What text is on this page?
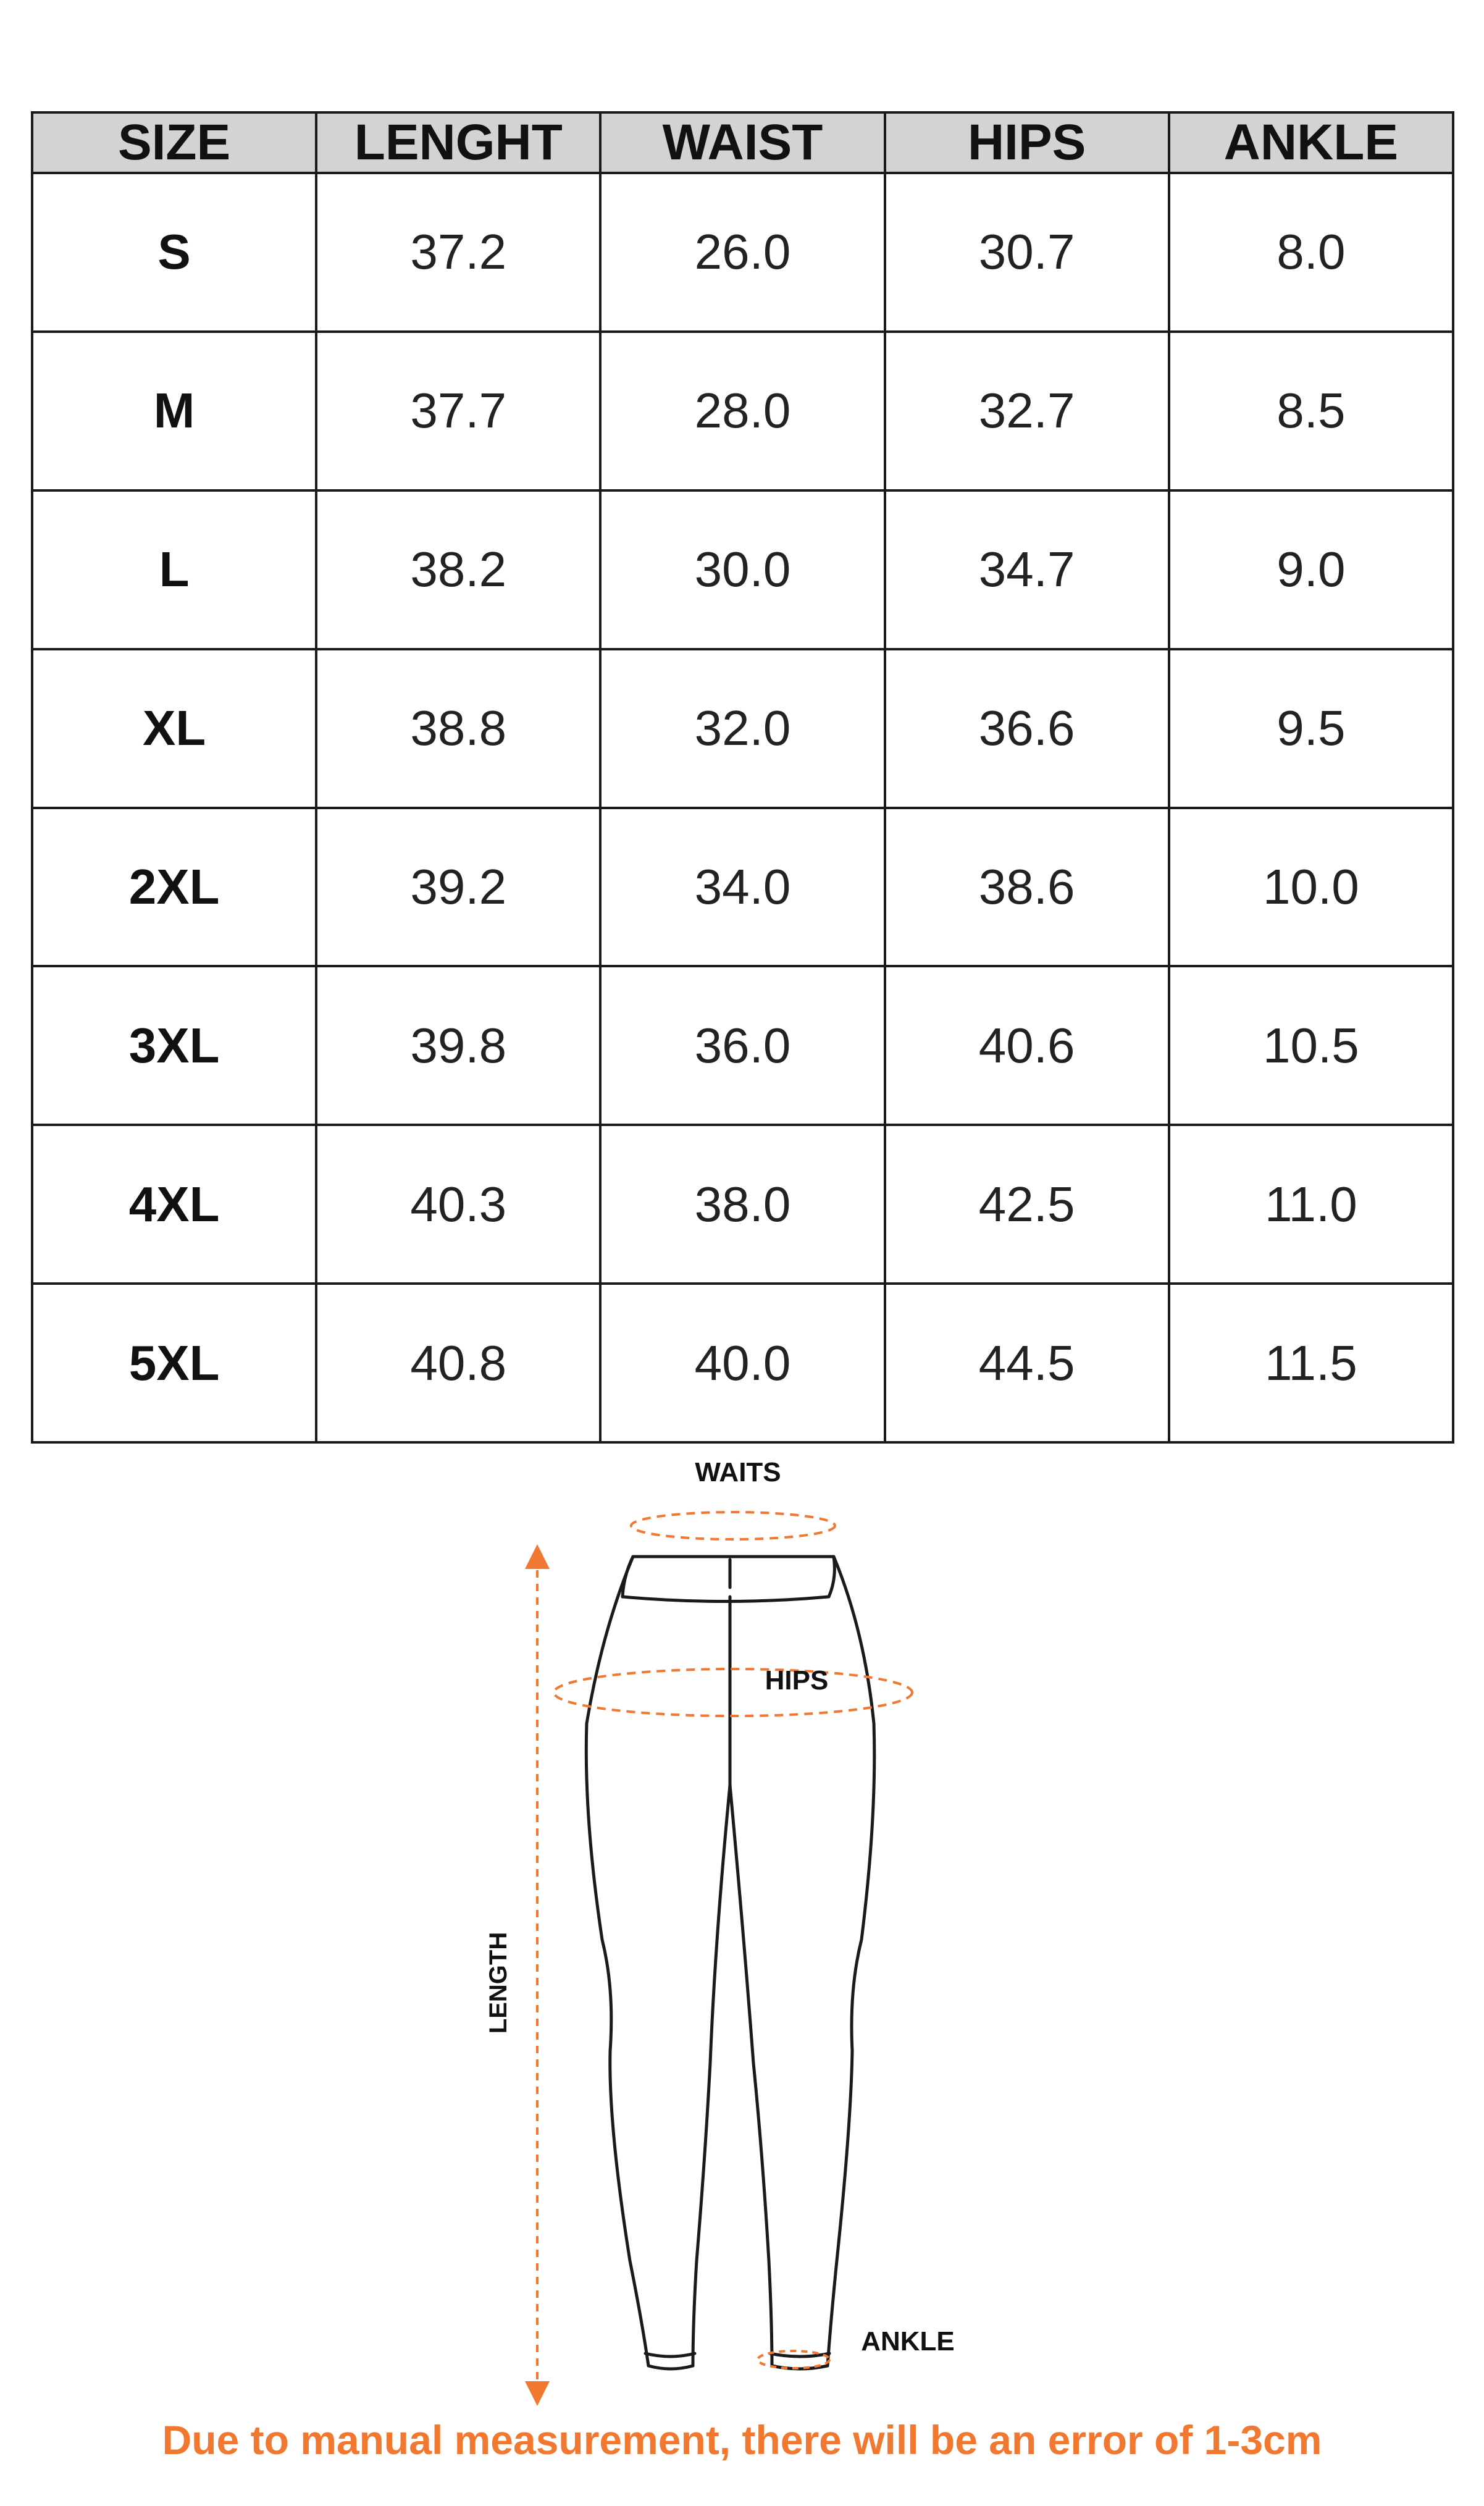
SIZE	LENGHT	WAIST	HIPS	ANKLE
S	37.2	26.0	30.7	8.0
M	37.7	28.0	32.7	8.5
L	38.2	30.0	34.7	9.0
XL	38.8	32.0	36.6	9.5
2XL	39.2	34.0	38.6	10.0
3XL	39.8	36.0	40.6	10.5
4XL	40.3	38.0	42.5	11.0
5XL	40.8	40.0	44.5	11.5
WAITS
HIPS
LENGTH
ANKLE

Due to manual measurement, there will be an error of 1-3cm
